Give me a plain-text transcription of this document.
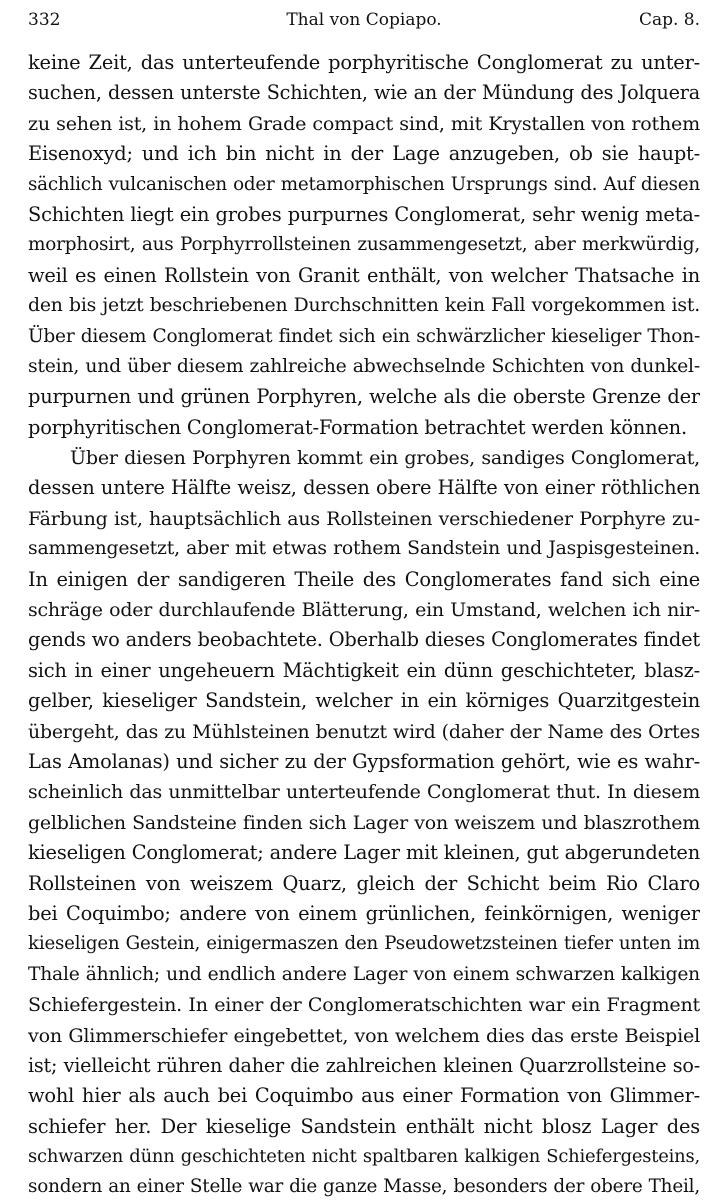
332	Thal von Copiapo.	Cap. 8.
keine Zeit, das unterteufende porphyritische Conglomerat zu unter-
suchen, dessen unterste Schichten, wie an der Mündung des Jolquera
zu sehen ist, in hohem Grade compact sind, mit Krystallen von rothem
Eisenoxyd; und ich bin nicht in der Lage anzugeben, ob sie haupt-
sächlich vulcanischen oder metamorphischen Ursprungs sind. Auf diesen
Schichten liegt ein grobes purpurnes Conglomerat, sehr wenig meta-
morphosirt, aus Porphyrrollsteinen zusammengesetzt, aber merkwürdig,
weil es einen Rollstein von Granit enthält, von welcher Thatsache in
den bis jetzt beschriebenen Durchschnitten kein Fall vorgekommen ist.
Über diesem Conglomerat findet sich ein schwärzlicher kieseliger Thon-
stein, und über diesem zahlreiche abwechselnde Schichten von dunkel-
purpurnen und grünen Porphyren, welche als die oberste Grenze der
porphyritischen Conglomerat-Formation betrachtet werden können.
Über diesen Porphyren kommt ein grobes, sandiges Conglomerat,
dessen untere Hälfte weisz, dessen obere Hälfte von einer röthlichen
Färbung ist, hauptsächlich aus Rollsteinen verschiedener Porphyre zu-
sammengesetzt, aber mit etwas rothem Sandstein und Jaspisgesteinen.
In einigen der sandigeren Theile des Conglomerates fand sich eine
schräge oder durchlaufende Blätterung, ein Umstand, welchen ich nir-
gends wo anders beobachtete. Oberhalb dieses Conglomerates findet
sich in einer ungeheuern Mächtigkeit ein dünn geschichteter, blasz-
gelber, kieseliger Sandstein, welcher in ein körniges Quarzitgestein
übergeht, das zu Mühlsteinen benutzt wird (daher der Name des Ortes
Las Amolanas) und sicher zu der Gypsformation gehört, wie es wahr-
scheinlich das unmittelbar unterteufende Conglomerat thut. In diesem
gelblichen Sandsteine finden sich Lager von weiszem und blaszrothem
kieseligen Conglomerat; andere Lager mit kleinen, gut abgerundeten
Rollsteinen von weiszem Quarz, gleich der Schicht beim Rio Claro
bei Coquimbo; andere von einem grünlichen, feinkörnigen, weniger
kieseligen Gestein, einigermaszen den Pseudowetzsteinen tiefer unten im
Thale ähnlich; und endlich andere Lager von einem schwarzen kalkigen
Schiefergestein. In einer der Conglomeratschichten war ein Fragment
von Glimmerschiefer eingebettet, von welchem dies das erste Beispiel
ist; vielleicht rühren daher die zahlreichen kleinen Quarzrollsteine so-
wohl hier als auch bei Coquimbo aus einer Formation von Glimmer-
schiefer her. Der kieselige Sandstein enthält nicht blosz Lager des
schwarzen dünn geschichteten nicht spaltbaren kalkigen Schiefergesteins,
sondern an einer Stelle war die ganze Masse, besonders der obere Theil,
